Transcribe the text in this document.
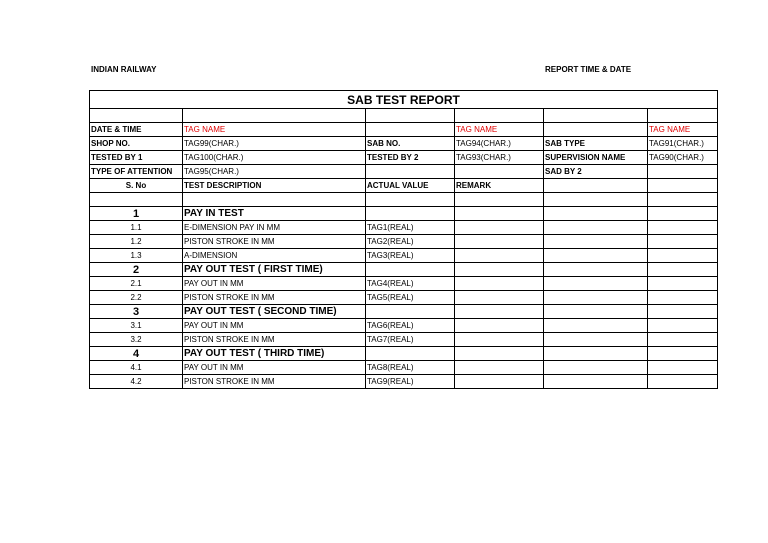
INDIAN RAILWAY	REPORT TIME & DATE
SAB TEST REPORT					

DATE & TIME	TAG NAME		TAG NAME		TAG NAME
SHOP NO.	TAG99(CHAR.)	SAB NO.	TAG94(CHAR.)	SAB TYPE	TAG91(CHAR.)
TESTED BY 1	TAG100(CHAR.)	TESTED BY 2	TAG93(CHAR.)	SUPERVISION NAME	TAG90(CHAR.)
TYPE OF ATTENTION	TAG95(CHAR.)			SAD BY 2	
S. No	TEST DESCRIPTION	ACTUAL VALUE	REMARK		

1	PAY IN TEST				
1.1	E-DIMENSION PAY IN MM	TAG1(REAL)			
1.2	PISTON STROKE IN MM	TAG2(REAL)			
1.3	A-DIMENSION	TAG3(REAL)			
2	PAY OUT TEST ( FIRST TIME)				
2.1	PAY OUT IN MM	TAG4(REAL)			
2.2	PISTON STROKE IN MM	TAG5(REAL)			
3	PAY OUT TEST ( SECOND TIME)				
3.1	PAY OUT IN MM	TAG6(REAL)			
3.2	PISTON STROKE IN MM	TAG7(REAL)			
4	PAY OUT TEST ( THIRD TIME)				
4.1	PAY OUT IN MM	TAG8(REAL)			
4.2	PISTON STROKE IN MM	TAG9(REAL)			
